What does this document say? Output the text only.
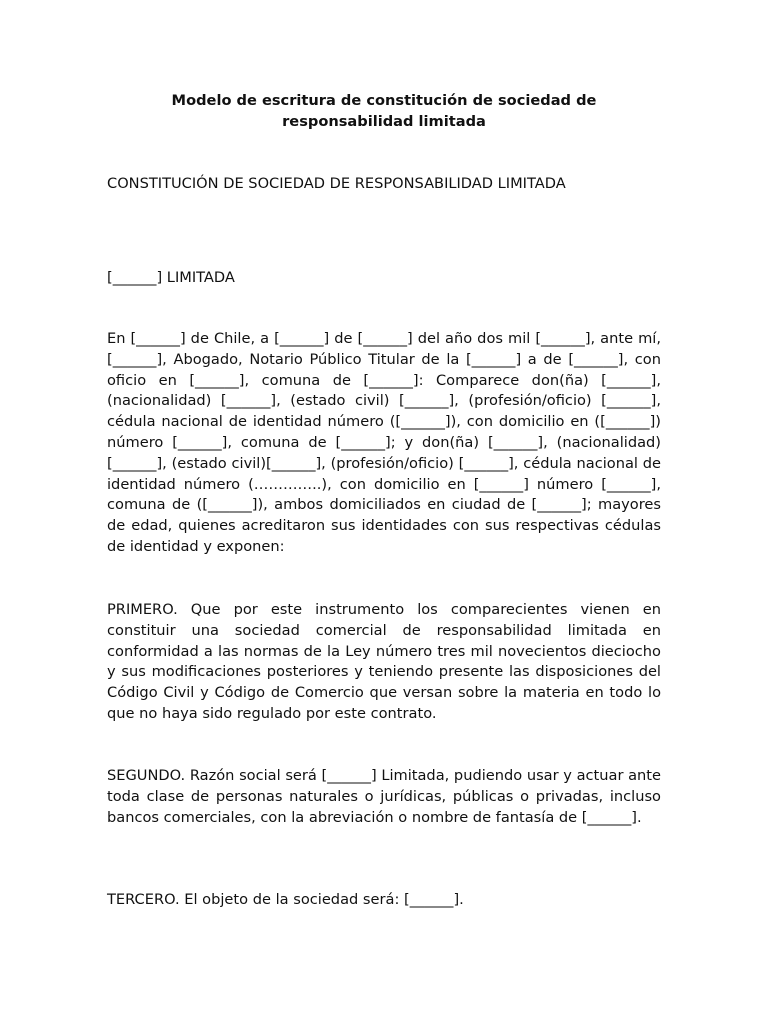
Modelo de escritura de constitución de sociedad de responsabilidad limitada
CONSTITUCIÓN DE SOCIEDAD DE RESPONSABILIDAD LIMITADA
[______] LIMITADA

En [______] de Chile, a [______] de [______] del año dos mil [______], ante mí, [______], Abogado, Notario Público Titular de la [______] a de [______], con oficio en [______], comuna de [______]: Comparece don(ña) [______], (nacionalidad) [______], (estado civil) [______], (profesión/oficio) [______], cédula nacional de identidad número ([______]), con domicilio en ([______]) número [______], comuna de [______]; y don(ña) [______], (nacionalidad)[______], (estado civil)[______], (profesión/oficio) [______], cédula nacional de identidad número (…………..), con domicilio en [______] número [______], comuna de ([______]), ambos domiciliados en ciudad de [______]; mayores de edad, quienes acreditaron sus identidades con sus respectivas cédulas de identidad y exponen:

PRIMERO. Que por este instrumento los comparecientes vienen en constituir una sociedad comercial de responsabilidad limitada en conformidad a las normas de la Ley número tres mil novecientos dieciocho y sus modificaciones posteriores y teniendo presente las disposiciones del Código Civil y Código de Comercio que versan sobre la materia en todo lo que no haya sido regulado por este contrato.

SEGUNDO. Razón social será [______] Limitada, pudiendo usar y actuar ante toda clase de personas naturales o jurídicas, públicas o privadas, incluso bancos comerciales, con la abreviación o nombre de fantasía de [______].

TERCERO. El objeto de la sociedad será: [______].
